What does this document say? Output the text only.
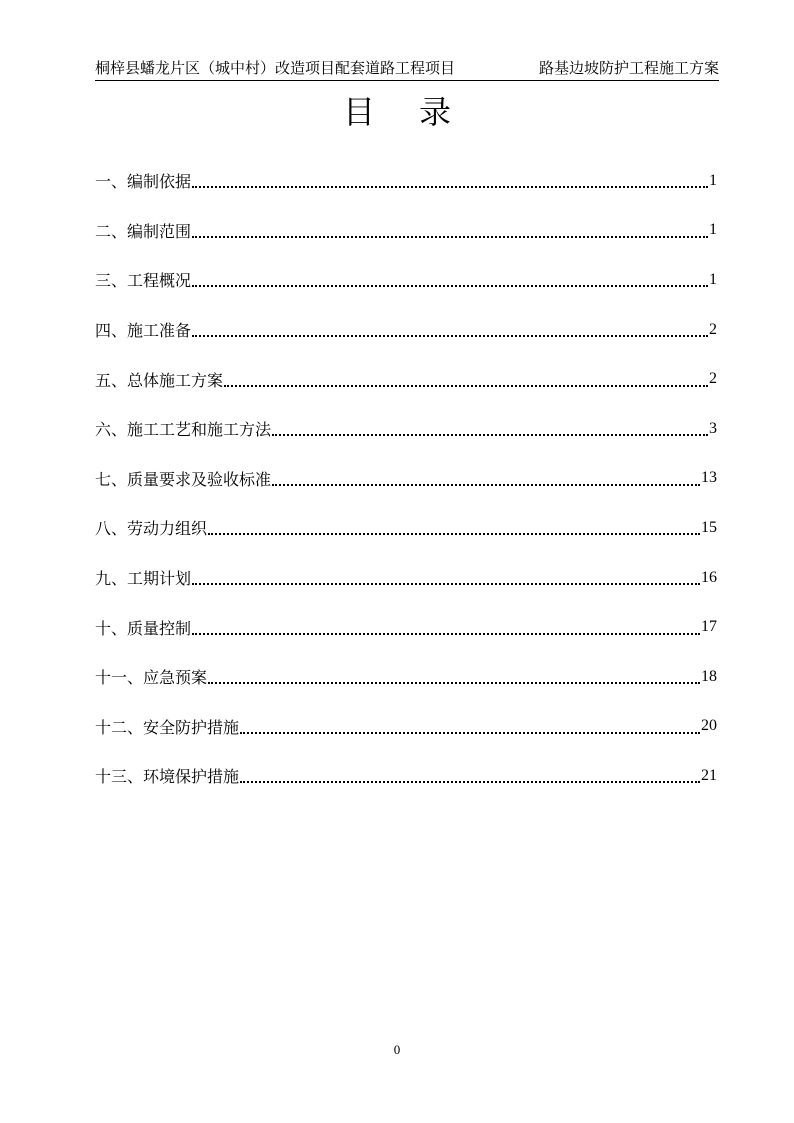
桐梓县蟠龙片区（城中村）改造项目配套道路工程项目	路基边坡防护工程施工方案
目录
一、编制依据	1
二、编制范围	1
三、工程概况	1
四、施工准备	2
五、总体施工方案	2
六、施工工艺和施工方法	3
七、质量要求及验收标准	13
八、劳动力组织	15
九、工期计划	16
十、质量控制	17
十一、应急预案	18
十二、安全防护措施	20
十三、环境保护措施	21
0
